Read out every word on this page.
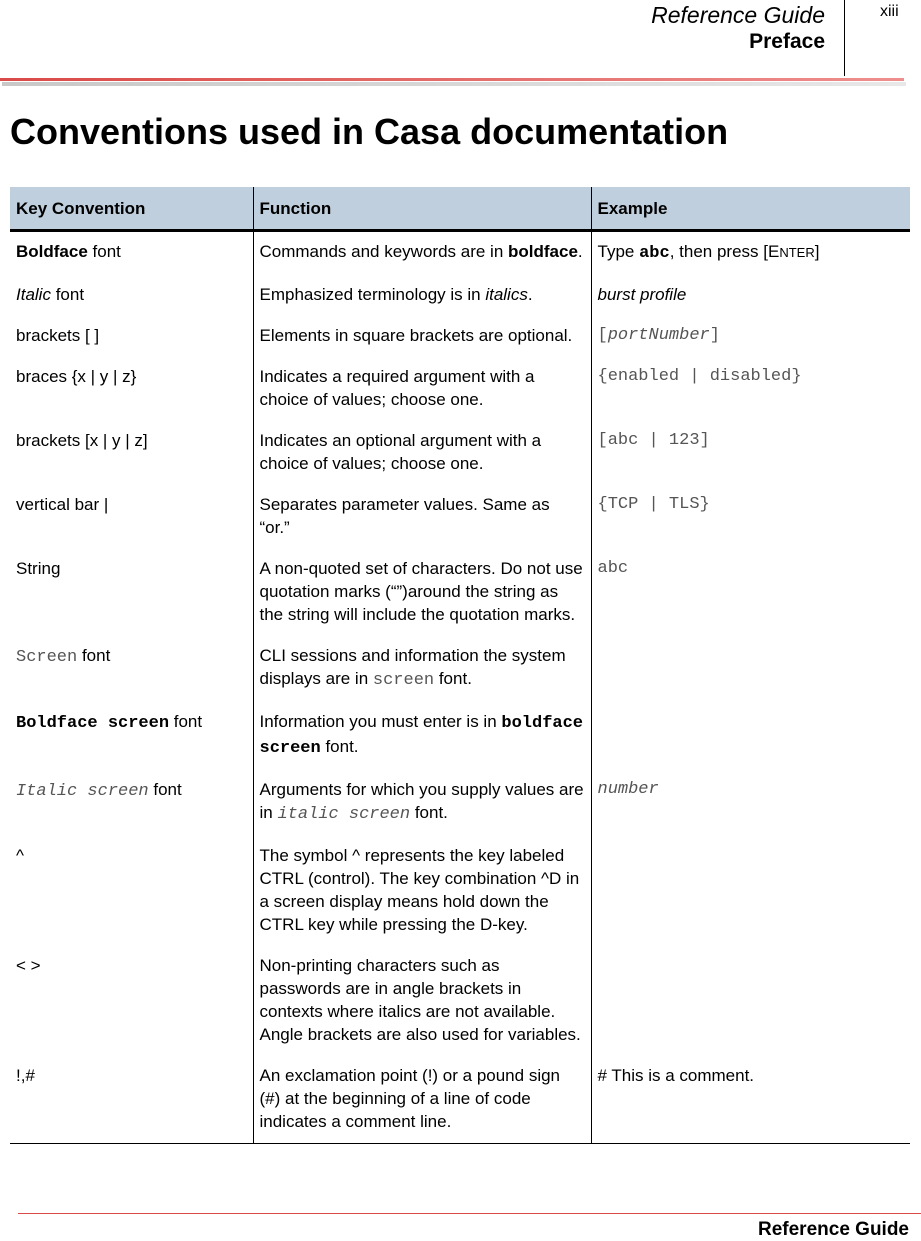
Reference Guide
Preface
xiii
Conventions used in Casa documentation
Key Convention	Function	Example
Boldface font	Commands and keywords are in boldface.	Type abc, then press [ENTER]
Italic font	Emphasized terminology is in italics.	burst profile
brackets [ ]	Elements in square brackets are optional.	[portNumber]
braces {x | y | z}	Indicates a required argument with a choice of values; choose one.	{enabled | disabled}
brackets [x | y | z]	Indicates an optional argument with a choice of values; choose one.	[abc | 123]
vertical bar |	Separates parameter values. Same as “or.”	{TCP | TLS}
String	A non-quoted set of characters. Do not use quotation marks (“”)around the string as the string will include the quotation marks.	abc
Screen font	CLI sessions and information the system displays are in screen font.	
Boldface screen font	Information you must enter is in boldface screen font.	
Italic screen font	Arguments for which you supply values are in italic screen font.	number
^	The symbol ^ represents the key labeled CTRL (control). The key combination ^D in a screen display means hold down the CTRL key while pressing the D-key.	
< >	Non-printing characters such as passwords are in angle brackets in contexts where italics are not available. Angle brackets are also used for variables.	
!,#	An exclamation point (!) or a pound sign (#) at the beginning of a line of code indicates a comment line.	# This is a comment.
Reference Guide
